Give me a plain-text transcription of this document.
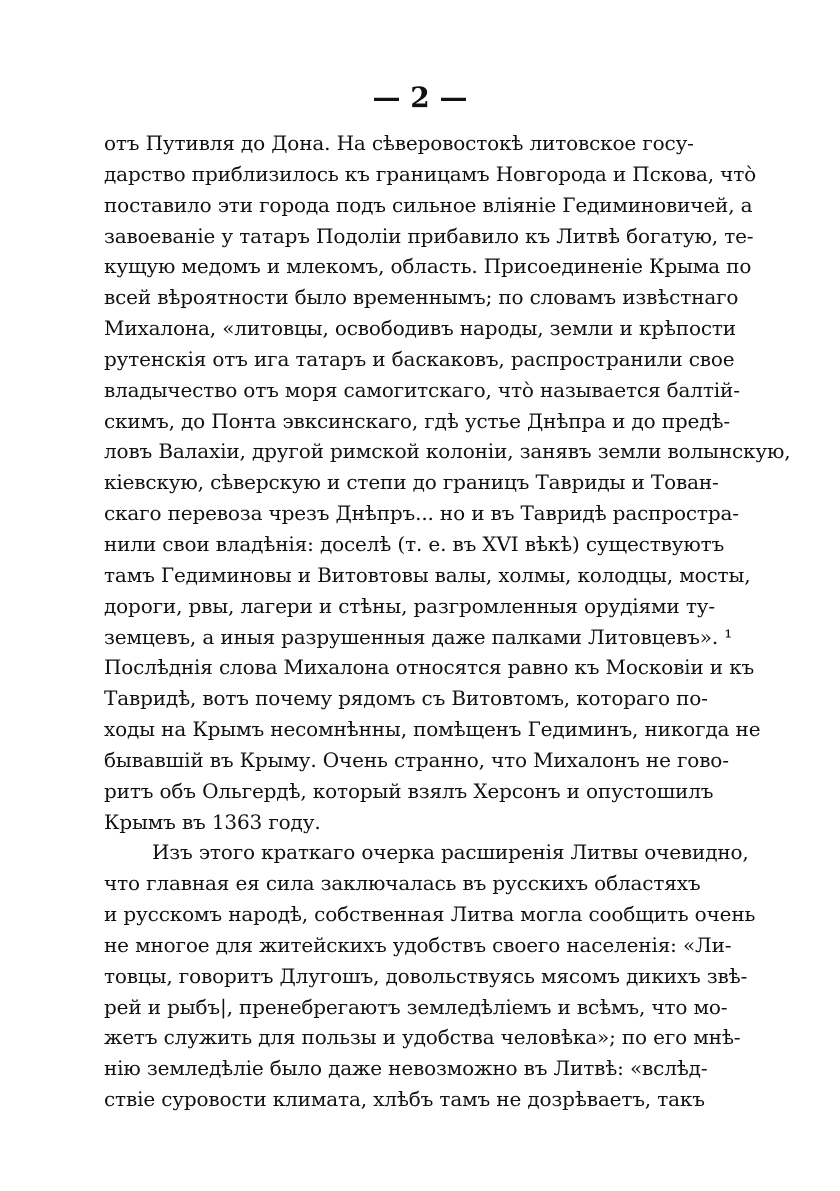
— 2 —
отъ Путивля до Дона. На сѣверовостокѣ литовское госу-
дарство приблизилось къ границамъ Новгорода и Пскова, что̀
поставило эти города подъ сильное вліяніе Гедиминовичей, а
завоеваніе у татаръ Подоліи прибавило къ Литвѣ богатую, те-
кущую медомъ и млекомъ, область. Присоединеніе Крыма по
всей вѣроятности было временнымъ; по словамъ извѣстнаго
Михалона, «литовцы, освободивъ народы, земли и крѣпости
рутенскія отъ ига татаръ и баскаковъ, распространили свое
владычество отъ моря самогитскаго, что̀ называется балтій-
скимъ, до Понта эвксинскаго, гдѣ устье Днѣпра и до предѣ-
ловъ Валахіи, другой римской колоніи, занявъ земли волынскую,
кіевскую, сѣверскую и степи до границъ Тавриды и Тован-
скаго перевоза чрезъ Днѣпръ... но и въ Тавридѣ распростра-
нили свои владѣнія: доселѣ (т. е. въ XVI вѣкѣ) существуютъ
тамъ Гедиминовы и Витовтовы валы, холмы, колодцы, мосты,
дороги, рвы, лагери и стѣны, разгромленныя орудіями ту-
земцевъ, а иныя разрушенныя даже палками Литовцевъ». ¹
Послѣднія слова Михалона относятся равно къ Московіи и къ
Тавридѣ, вотъ почему рядомъ съ Витовтомъ, котораго по-
ходы на Крымъ несомнѣнны, помѣщенъ Гедиминъ, никогда не
бывавшій въ Крыму. Очень странно, что Михалонъ не гово-
ритъ объ Ольгердѣ, который взялъ Херсонъ и опустошилъ
Крымъ въ 1363 году.
Изъ этого краткаго очерка расширенія Литвы очевидно,
что главная ея сила заключалась въ русскихъ областяхъ
и русскомъ народѣ, собственная Литва могла сообщить очень
не многое для житейскихъ удобствъ своего населенія: «Ли-
товцы, говоритъ Длугошъ, довольствуясь мясомъ дикихъ звѣ-
рей и рыбъ|, пренебрегаютъ земледѣліемъ и всѣмъ, что мо-
жетъ служить для пользы и удобства человѣка»; по его мнѣ-
нію земледѣліе было даже невозможно въ Литвѣ: «вслѣд-
ствіе суровости климата, хлѣбъ тамъ не дозрѣваетъ, такъ
